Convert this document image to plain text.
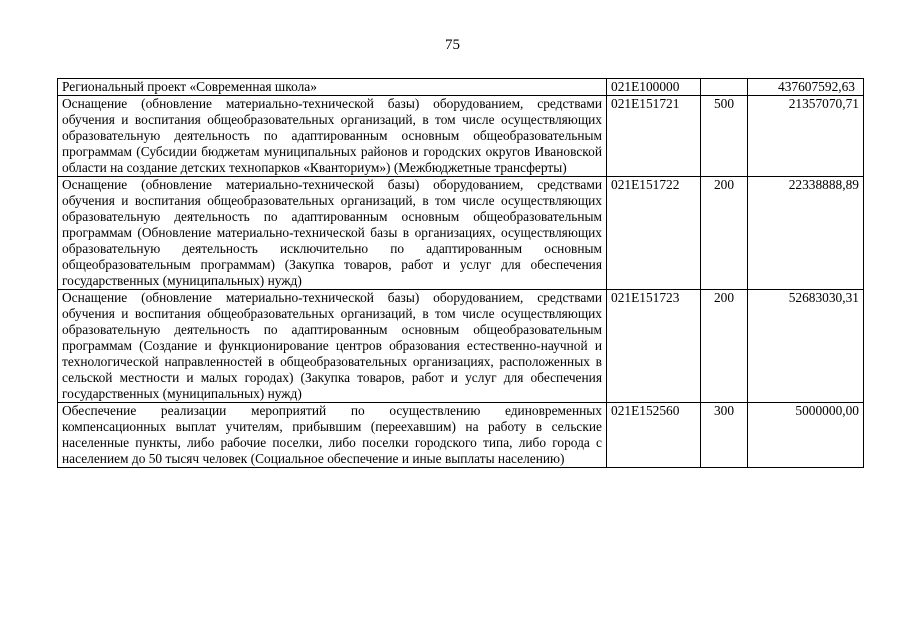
75
Региональный проект «Современная школа»	021E100000		437607592,63
Оснащение (обновление материально-технической базы) оборудованием, средствами обучения и воспитания общеобразовательных организаций, в том числе осуществляющих образовательную деятельность по адаптированным основным общеобразовательным программам (Субсидии бюджетам муниципальных районов и городских округов Ивановской области на создание детских технопарков «Кванториум») (Межбюджетные трансферты)	021E151721	500	21357070,71
Оснащение (обновление материально-технической базы) оборудованием, средствами обучения и воспитания общеобразовательных организаций, в том числе осуществляющих образовательную деятельность по адаптированным основным общеобразовательным программам (Обновление материально-технической базы в организациях, осуществляющих образовательную деятельность исключительно по адаптированным основным общеобразовательным программам) (Закупка товаров, работ и услуг для обеспечения государственных (муниципальных) нужд)	021E151722	200	22338888,89
Оснащение (обновление материально-технической базы) оборудованием, средствами обучения и воспитания общеобразовательных организаций, в том числе осуществляющих образовательную деятельность по адаптированным основным общеобразовательным программам (Создание и функционирование центров образования естественно-научной и технологической направленностей в общеобразовательных организациях, расположенных в сельской местности и малых городах) (Закупка товаров, работ и услуг для обеспечения государственных (муниципальных) нужд)	021E151723	200	52683030,31
Обеспечение реализации мероприятий по осуществлению единовременных компенсационных выплат учителям, прибывшим (переехавшим) на работу в сельские населенные пункты, либо рабочие поселки, либо поселки городского типа, либо города с населением до 50 тысяч человек (Социальное обеспечение и иные выплаты населению)	021E152560	300	5000000,00
